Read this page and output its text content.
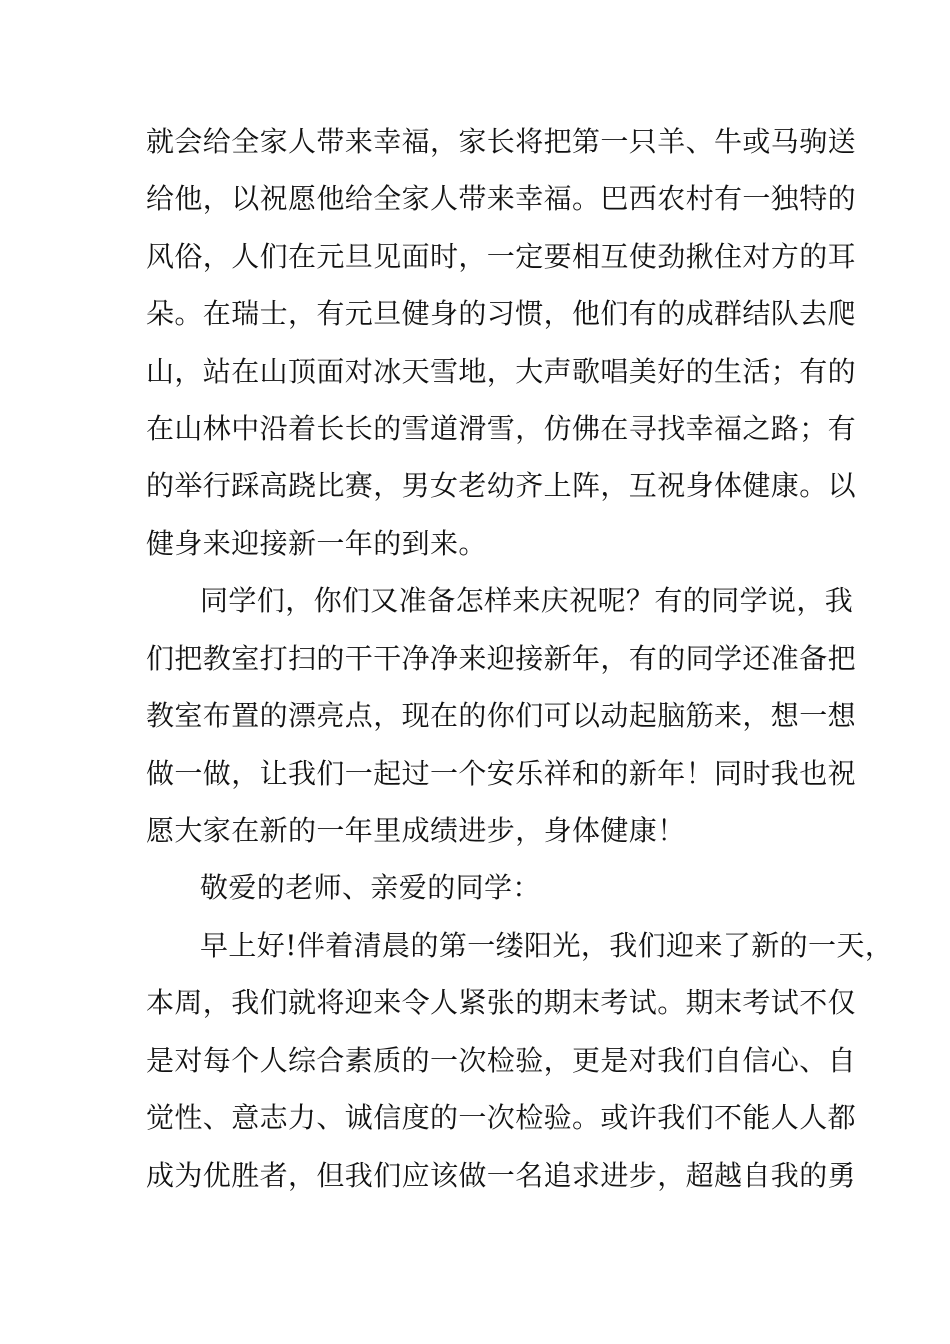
就会给全家人带来幸福，家长将把第一只羊、牛或马驹送
给他，以祝愿他给全家人带来幸福。巴西农村有一独特的
风俗，人们在元旦见面时，一定要相互使劲揪住对方的耳
朵。在瑞士，有元旦健身的习惯，他们有的成群结队去爬
山，站在山顶面对冰天雪地，大声歌唱美好的生活；有的
在山林中沿着长长的雪道滑雪，仿佛在寻找幸福之路；有
的举行踩高跷比赛，男女老幼齐上阵，互祝身体健康。以
健身来迎接新一年的到来。
同学们，你们又准备怎样来庆祝呢？有的同学说，我
们把教室打扫的干干净净来迎接新年，有的同学还准备把
教室布置的漂亮点，现在的你们可以动起脑筋来，想一想
做一做，让我们一起过一个安乐祥和的新年！同时我也祝
愿大家在新的一年里成绩进步，身体健康！
敬爱的老师、亲爱的同学：
早上好!伴着清晨的第一缕阳光，我们迎来了新的一天，
本周，我们就将迎来令人紧张的期末考试。期末考试不仅
是对每个人综合素质的一次检验，更是对我们自信心、自
觉性、意志力、诚信度的一次检验。或许我们不能人人都
成为优胜者，但我们应该做一名追求进步，超越自我的勇
